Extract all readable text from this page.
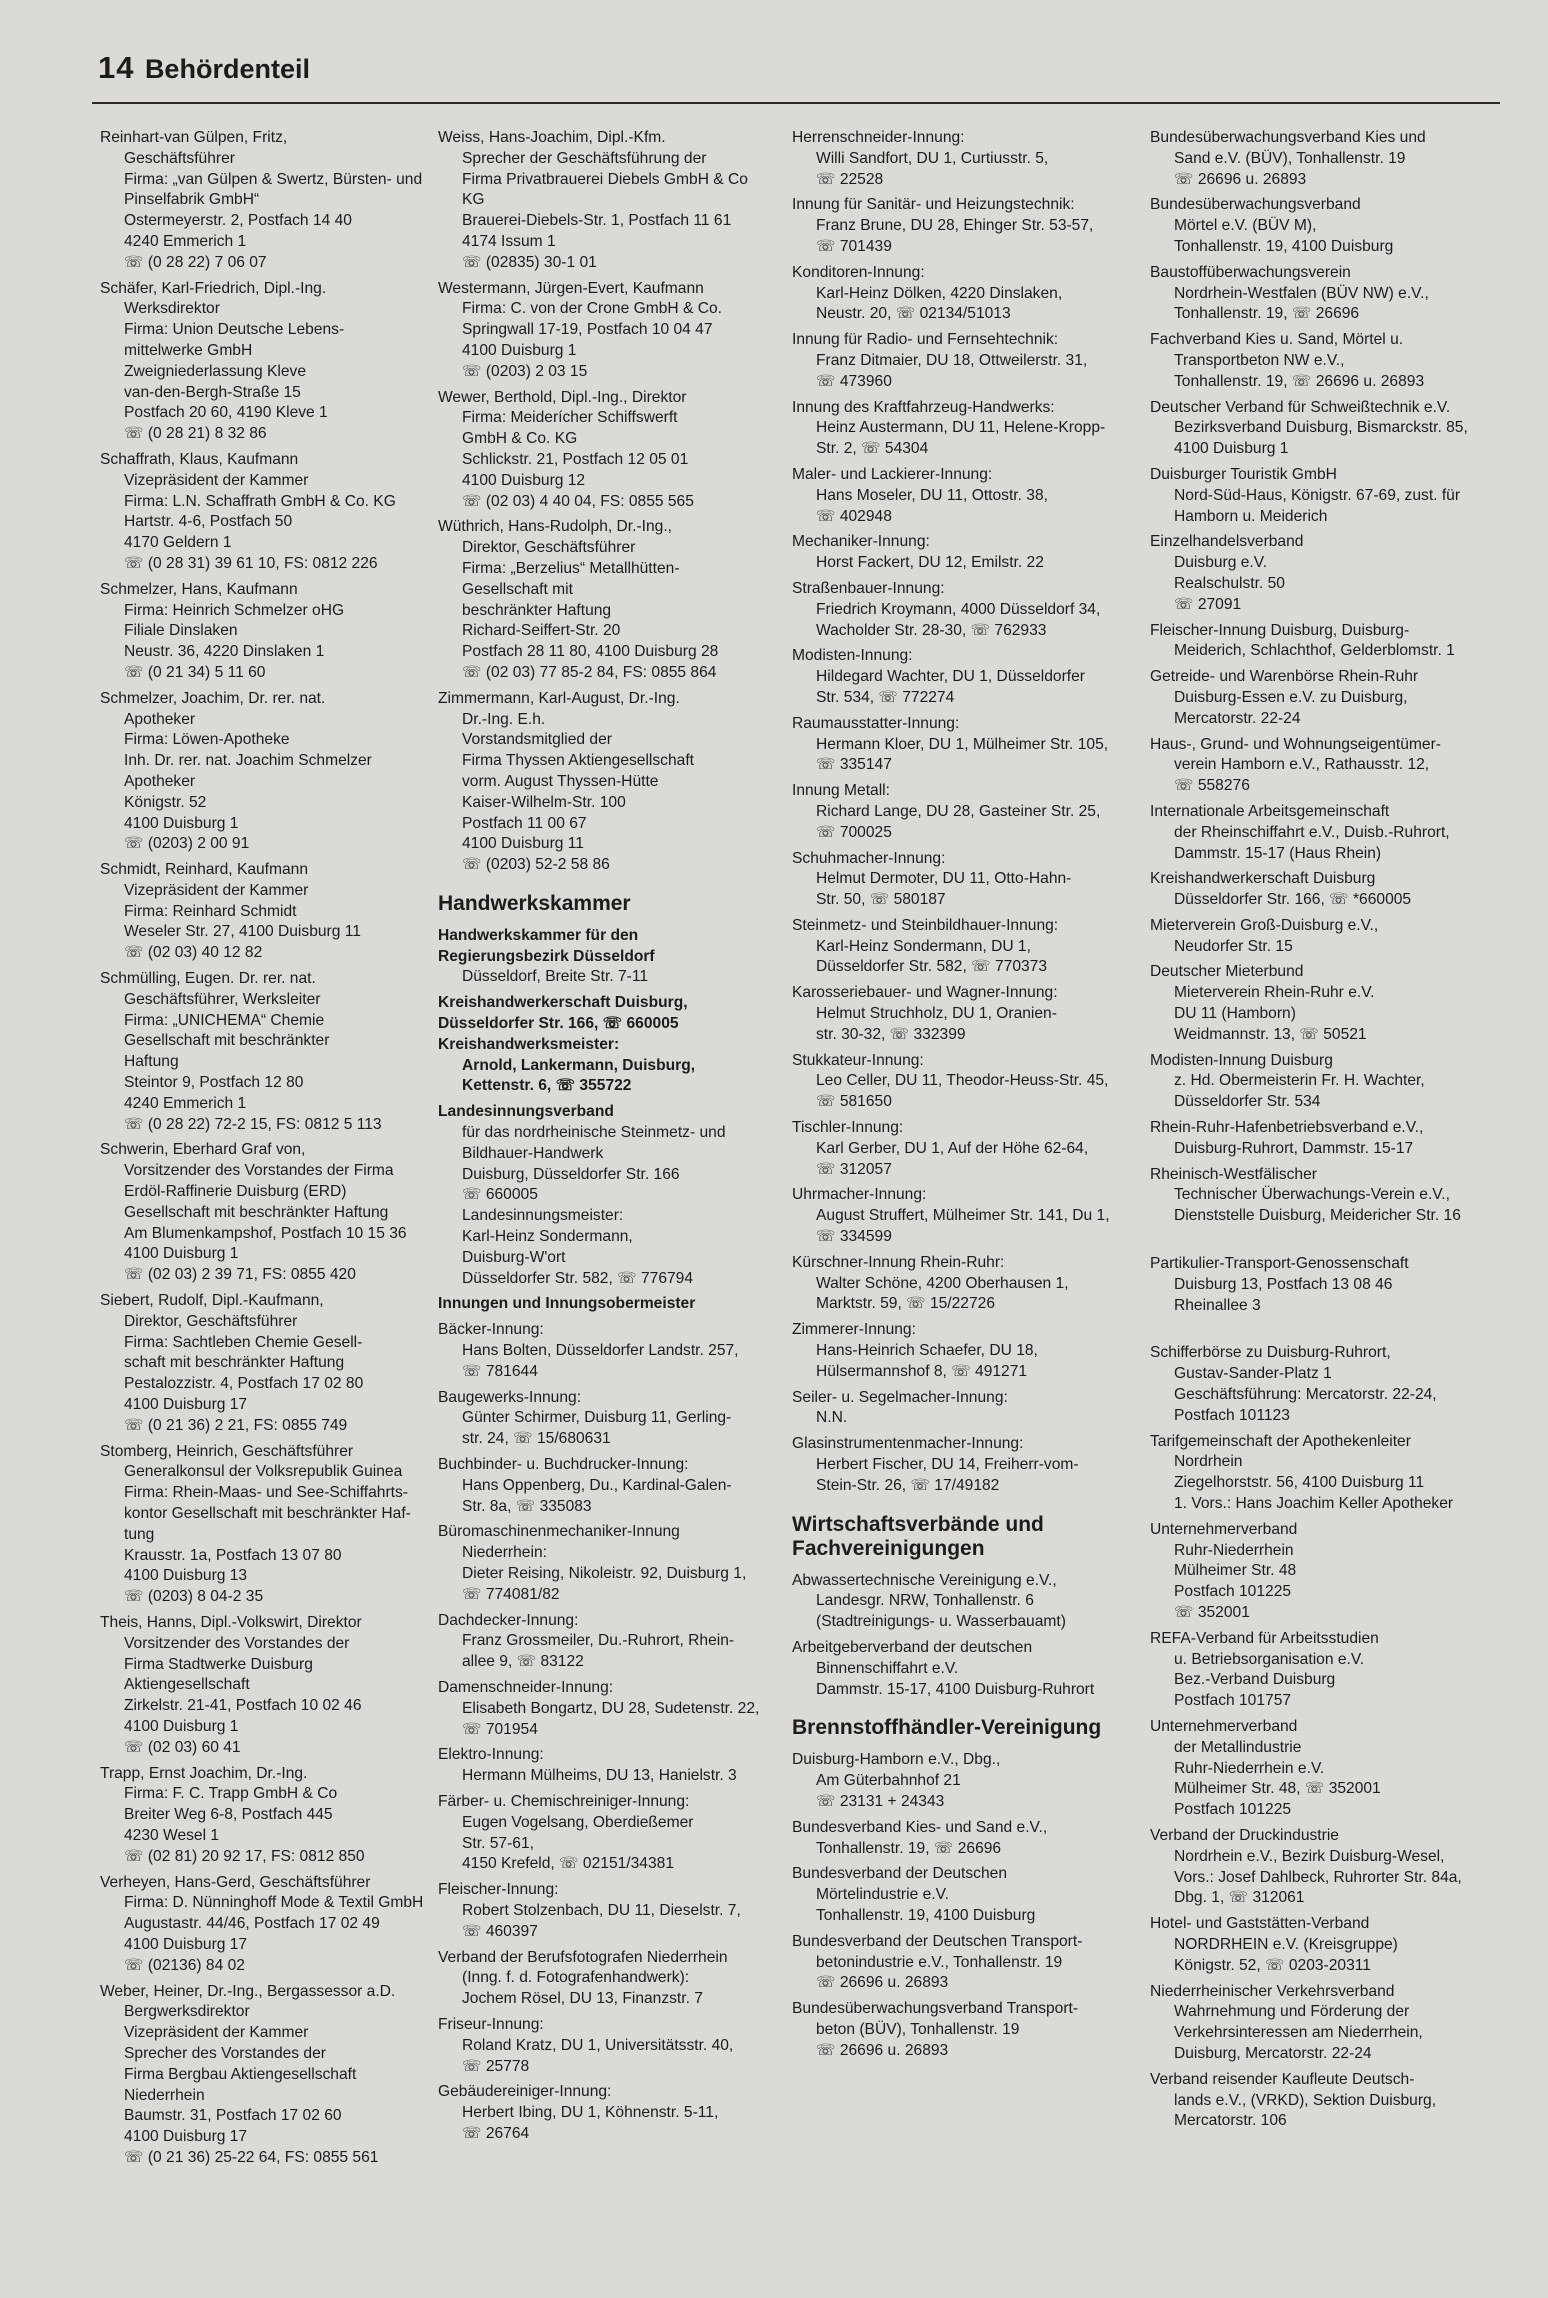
14 Behördenteil
Reinhart-van Gülpen, Fritz,
Geschäftsführer
Firma: „van Gülpen & Swertz, Bürsten- und
Pinselfabrik GmbH“
Ostermeyerstr. 2, Postfach 14 40
4240 Emmerich 1
☏ (0 28 22) 7 06 07
Schäfer, Karl-Friedrich, Dipl.-Ing.
Werksdirektor
Firma: Union Deutsche Lebens-
mittelwerke GmbH
Zweigniederlassung Kleve
van-den-Bergh-Straße 15
Postfach 20 60, 4190 Kleve 1
☏ (0 28 21) 8 32 86
Schaffrath, Klaus, Kaufmann
Vizepräsident der Kammer
Firma: L.N. Schaffrath GmbH & Co. KG
Hartstr. 4-6, Postfach 50
4170 Geldern 1
☏ (0 28 31) 39 61 10, FS: 0812 226
Schmelzer, Hans, Kaufmann
Firma: Heinrich Schmelzer oHG
Filiale Dinslaken
Neustr. 36, 4220 Dinslaken 1
☏ (0 21 34) 5 11 60
Schmelzer, Joachim, Dr. rer. nat.
Apotheker
Firma: Löwen-Apotheke
Inh. Dr. rer. nat. Joachim Schmelzer
Apotheker
Königstr. 52
4100 Duisburg 1
☏ (0203) 2 00 91
Schmidt, Reinhard, Kaufmann
Vizepräsident der Kammer
Firma: Reinhard Schmidt
Weseler Str. 27, 4100 Duisburg 11
☏ (02 03) 40 12 82
Schmülling, Eugen. Dr. rer. nat.
Geschäftsführer, Werksleiter
Firma: „UNICHEMA“ Chemie
Gesellschaft mit beschränkter
Haftung
Steintor 9, Postfach 12 80
4240 Emmerich 1
☏ (0 28 22) 72-2 15, FS: 0812 5 113
Schwerin, Eberhard Graf von,
Vorsitzender des Vorstandes der Firma
Erdöl-Raffinerie Duisburg (ERD)
Gesellschaft mit beschränkter Haftung
Am Blumenkampshof, Postfach 10 15 36
4100 Duisburg 1
☏ (02 03) 2 39 71, FS: 0855 420
Siebert, Rudolf, Dipl.-Kaufmann,
Direktor, Geschäftsführer
Firma: Sachtleben Chemie Gesell-
schaft mit beschränkter Haftung
Pestalozzistr. 4, Postfach 17 02 80
4100 Duisburg 17
☏ (0 21 36) 2 21, FS: 0855 749
Stomberg, Heinrich, Geschäftsführer
Generalkonsul der Volksrepublik Guinea
Firma: Rhein-Maas- und See-Schiffahrts-
kontor Gesellschaft mit beschränkter Haf-
tung
Krausstr. 1a, Postfach 13 07 80
4100 Duisburg 13
☏ (0203) 8 04-2 35
Theis, Hanns, Dipl.-Volkswirt, Direktor
Vorsitzender des Vorstandes der
Firma Stadtwerke Duisburg
Aktiengesellschaft
Zirkelstr. 21-41, Postfach 10 02 46
4100 Duisburg 1
☏ (02 03) 60 41
Trapp, Ernst Joachim, Dr.-Ing.
Firma: F. C. Trapp GmbH & Co
Breiter Weg 6-8, Postfach 445
4230 Wesel 1
☏ (02 81) 20 92 17, FS: 0812 850
Verheyen, Hans-Gerd, Geschäftsführer
Firma: D. Nünninghoff Mode & Textil GmbH
Augustastr. 44/46, Postfach 17 02 49
4100 Duisburg 17
☏ (02136) 84 02
Weber, Heiner, Dr.-Ing., Bergassessor a.D.
Bergwerksdirektor
Vizepräsident der Kammer
Sprecher des Vorstandes der
Firma Bergbau Aktiengesellschaft
Niederrhein
Baumstr. 31, Postfach 17 02 60
4100 Duisburg 17
☏ (0 21 36) 25-22 64, FS: 0855 561
Weiss, Hans-Joachim, Dipl.-Kfm.
Sprecher der Geschäftsführung der
Firma Privatbrauerei Diebels GmbH & Co
KG
Brauerei-Diebels-Str. 1, Postfach 11 61
4174 Issum 1
☏ (02835) 30-1 01
Westermann, Jürgen-Evert, Kaufmann
Firma: C. von der Crone GmbH & Co.
Springwall 17-19, Postfach 10 04 47
4100 Duisburg 1
☏ (0203) 2 03 15
Wewer, Berthold, Dipl.-Ing., Direktor
Firma: Meiderícher Schiffswerft
GmbH & Co. KG
Schlickstr. 21, Postfach 12 05 01
4100 Duisburg 12
☏ (02 03) 4 40 04, FS: 0855 565
Wüthrich, Hans-Rudolph, Dr.-Ing.,
Direktor, Geschäftsführer
Firma: „Berzelius“ Metallhütten-
Gesellschaft mit
beschränkter Haftung
Richard-Seiffert-Str. 20
Postfach 28 11 80, 4100 Duisburg 28
☏ (02 03) 77 85-2 84, FS: 0855 864
Zimmermann, Karl-August, Dr.-Ing.
Dr.-Ing. E.h.
Vorstandsmitglied der
Firma Thyssen Aktiengesellschaft
vorm. August Thyssen-Hütte
Kaiser-Wilhelm-Str. 100
Postfach 11 00 67
4100 Duisburg 11
☏ (0203) 52-2 58 86
Handwerkskammer
Handwerkskammer für den
Regierungsbezirk Düsseldorf
Düsseldorf, Breite Str. 7-11
Kreishandwerkerschaft Duisburg,
Düsseldorfer Str. 166, ☏ 660005
Kreishandwerksmeister:
Arnold, Lankermann, Duisburg,
Kettenstr. 6, ☏ 355722
Landesinnungsverband
für das nordrheinische Steinmetz- und
Bildhauer-Handwerk
Duisburg, Düsseldorfer Str. 166
☏ 660005
Landesinnungsmeister:
Karl-Heinz Sondermann,
Duisburg-W'ort
Düsseldorfer Str. 582, ☏ 776794
Innungen und Innungsobermeister
Bäcker-Innung:
Hans Bolten, Düsseldorfer Landstr. 257,
☏ 781644
Baugewerks-Innung:
Günter Schirmer, Duisburg 11, Gerling-
str. 24, ☏ 15/680631
Buchbinder- u. Buchdrucker-Innung:
Hans Oppenberg, Du., Kardinal-Galen-
Str. 8a, ☏ 335083
Büromaschinenmechaniker-Innung
Niederrhein:
Dieter Reising, Nikoleistr. 92, Duisburg 1,
☏ 774081/82
Dachdecker-Innung:
Franz Grossmeiler, Du.-Ruhrort, Rhein-
allee 9, ☏ 83122
Damenschneider-Innung:
Elisabeth Bongartz, DU 28, Sudetenstr. 22,
☏ 701954
Elektro-Innung:
Hermann Mülheims, DU 13, Hanielstr. 3
Färber- u. Chemischreiniger-Innung:
Eugen Vogelsang, Oberdießemer
Str. 57-61,
4150 Krefeld, ☏ 02151/34381
Fleischer-Innung:
Robert Stolzenbach, DU 11, Dieselstr. 7,
☏ 460397
Verband der Berufsfotografen Niederrhein
(Inng. f. d. Fotografenhandwerk):
Jochem Rösel, DU 13, Finanzstr. 7
Friseur-Innung:
Roland Kratz, DU 1, Universitätsstr. 40,
☏ 25778
Gebäudereiniger-Innung:
Herbert Ibing, DU 1, Köhnenstr. 5-11,
☏ 26764
Herrenschneider-Innung:
Willi Sandfort, DU 1, Curtiusstr. 5,
☏ 22528
Innung für Sanitär- und Heizungstechnik:
Franz Brune, DU 28, Ehinger Str. 53-57,
☏ 701439
Konditoren-Innung:
Karl-Heinz Dölken, 4220 Dinslaken,
Neustr. 20, ☏ 02134/51013
Innung für Radio- und Fernsehtechnik:
Franz Ditmaier, DU 18, Ottweilerstr. 31,
☏ 473960
Innung des Kraftfahrzeug-Handwerks:
Heinz Austermann, DU 11, Helene-Kropp-
Str. 2, ☏ 54304
Maler- und Lackierer-Innung:
Hans Moseler, DU 11, Ottostr. 38,
☏ 402948
Mechaniker-Innung:
Horst Fackert, DU 12, Emilstr. 22
Straßenbauer-Innung:
Friedrich Kroymann, 4000 Düsseldorf 34,
Wacholder Str. 28-30, ☏ 762933
Modisten-Innung:
Hildegard Wachter, DU 1, Düsseldorfer
Str. 534, ☏ 772274
Raumausstatter-Innung:
Hermann Kloer, DU 1, Mülheimer Str. 105,
☏ 335147
Innung Metall:
Richard Lange, DU 28, Gasteiner Str. 25,
☏ 700025
Schuhmacher-Innung:
Helmut Dermoter, DU 11, Otto-Hahn-
Str. 50, ☏ 580187
Steinmetz- und Steinbildhauer-Innung:
Karl-Heinz Sondermann, DU 1,
Düsseldorfer Str. 582, ☏ 770373
Karosseriebauer- und Wagner-Innung:
Helmut Struchholz, DU 1, Oranien-
str. 30-32, ☏ 332399
Stukkateur-Innung:
Leo Celler, DU 11, Theodor-Heuss-Str. 45,
☏ 581650
Tischler-Innung:
Karl Gerber, DU 1, Auf der Höhe 62-64,
☏ 312057
Uhrmacher-Innung:
August Struffert, Mülheimer Str. 141, Du 1,
☏ 334599
Kürschner-Innung Rhein-Ruhr:
Walter Schöne, 4200 Oberhausen 1,
Marktstr. 59, ☏ 15/22726
Zimmerer-Innung:
Hans-Heinrich Schaefer, DU 18,
Hülsermannshof 8, ☏ 491271
Seiler- u. Segelmacher-Innung:
N.N.
Glasinstrumentenmacher-Innung:
Herbert Fischer, DU 14, Freiherr-vom-
Stein-Str. 26, ☏ 17/49182
Wirtschaftsverbände und Fachvereinigungen
Abwassertechnische Vereinigung e.V.,
Landesgr. NRW, Tonhallenstr. 6
(Stadtreinigungs- u. Wasserbauamt)
Arbeitgeberverband der deutschen
Binnenschiffahrt e.V.
Dammstr. 15-17, 4100 Duisburg-Ruhrort
Brennstoffhändler-Vereinigung
Duisburg-Hamborn e.V., Dbg.,
Am Güterbahnhof 21
☏ 23131 + 24343
Bundesverband Kies- und Sand e.V.,
Tonhallenstr. 19, ☏ 26696
Bundesverband der Deutschen
Mörtelindustrie e.V.
Tonhallenstr. 19, 4100 Duisburg
Bundesverband der Deutschen Transport-
betonindustrie e.V., Tonhallenstr. 19
☏ 26696 u. 26893
Bundesüberwachungsverband Transport-
beton (BÜV), Tonhallenstr. 19
☏ 26696 u. 26893
Bundesüberwachungsverband Kies und
Sand e.V. (BÜV), Tonhallenstr. 19
☏ 26696 u. 26893
Bundesüberwachungsverband
Mörtel e.V. (BÜV M),
Tonhallenstr. 19, 4100 Duisburg
Baustoffüberwachungsverein
Nordrhein-Westfalen (BÜV NW) e.V.,
Tonhallenstr. 19, ☏ 26696
Fachverband Kies u. Sand, Mörtel u.
Transportbeton NW e.V.,
Tonhallenstr. 19, ☏ 26696 u. 26893
Deutscher Verband für Schweißtechnik e.V.
Bezirksverband Duisburg, Bismarckstr. 85,
4100 Duisburg 1
Duisburger Touristik GmbH
Nord-Süd-Haus, Königstr. 67-69, zust. für
Hamborn u. Meiderich
Einzelhandelsverband
Duisburg e.V.
Realschulstr. 50
☏ 27091
Fleischer-Innung Duisburg, Duisburg-
Meiderich, Schlachthof, Gelderblomstr. 1
Getreide- und Warenbörse Rhein-Ruhr
Duisburg-Essen e.V. zu Duisburg,
Mercatorstr. 22-24
Haus-, Grund- und Wohnungseigentümer-
verein Hamborn e.V., Rathausstr. 12,
☏ 558276
Internationale Arbeitsgemeinschaft
der Rheinschiffahrt e.V., Duisb.-Ruhrort,
Dammstr. 15-17 (Haus Rhein)
Kreishandwerkerschaft Duisburg
Düsseldorfer Str. 166, ☏ *660005
Mieterverein Groß-Duisburg e.V.,
Neudorfer Str. 15
Deutscher Mieterbund
Mieterverein Rhein-Ruhr e.V.
DU 11 (Hamborn)
Weidmannstr. 13, ☏ 50521
Modisten-Innung Duisburg
z. Hd. Obermeisterin Fr. H. Wachter,
Düsseldorfer Str. 534
Rhein-Ruhr-Hafenbetriebsverband e.V.,
Duisburg-Ruhrort, Dammstr. 15-17
Rheinisch-Westfälischer
Technischer Überwachungs-Verein e.V.,
Dienststelle Duisburg, Meidericher Str. 16
Partikulier-Transport-Genossenschaft
Duisburg 13, Postfach 13 08 46
Rheinallee 3
Schifferbörse zu Duisburg-Ruhrort,
Gustav-Sander-Platz 1
Geschäftsführung: Mercatorstr. 22-24,
Postfach 101123
Tarifgemeinschaft der Apothekenleiter
Nordrhein
Ziegelhorststr. 56, 4100 Duisburg 11
1. Vors.: Hans Joachim Keller Apotheker
Unternehmerverband
Ruhr-Niederrhein
Mülheimer Str. 48
Postfach 101225
☏ 352001
REFA-Verband für Arbeitsstudien
u. Betriebsorganisation e.V.
Bez.-Verband Duisburg
Postfach 101757
Unternehmerverband
der Metallindustrie
Ruhr-Niederrhein e.V.
Mülheimer Str. 48, ☏ 352001
Postfach 101225
Verband der Druckindustrie
Nordrhein e.V., Bezirk Duisburg-Wesel,
Vors.: Josef Dahlbeck, Ruhrorter Str. 84a,
Dbg. 1, ☏ 312061
Hotel- und Gaststätten-Verband
NORDRHEIN e.V. (Kreisgruppe)
Königstr. 52, ☏ 0203-20311
Niederrheinischer Verkehrsverband
Wahrnehmung und Förderung der
Verkehrsinteressen am Niederrhein,
Duisburg, Mercatorstr. 22-24
Verband reisender Kaufleute Deutsch-
lands e.V., (VRKD), Sektion Duisburg,
Mercatorstr. 106
